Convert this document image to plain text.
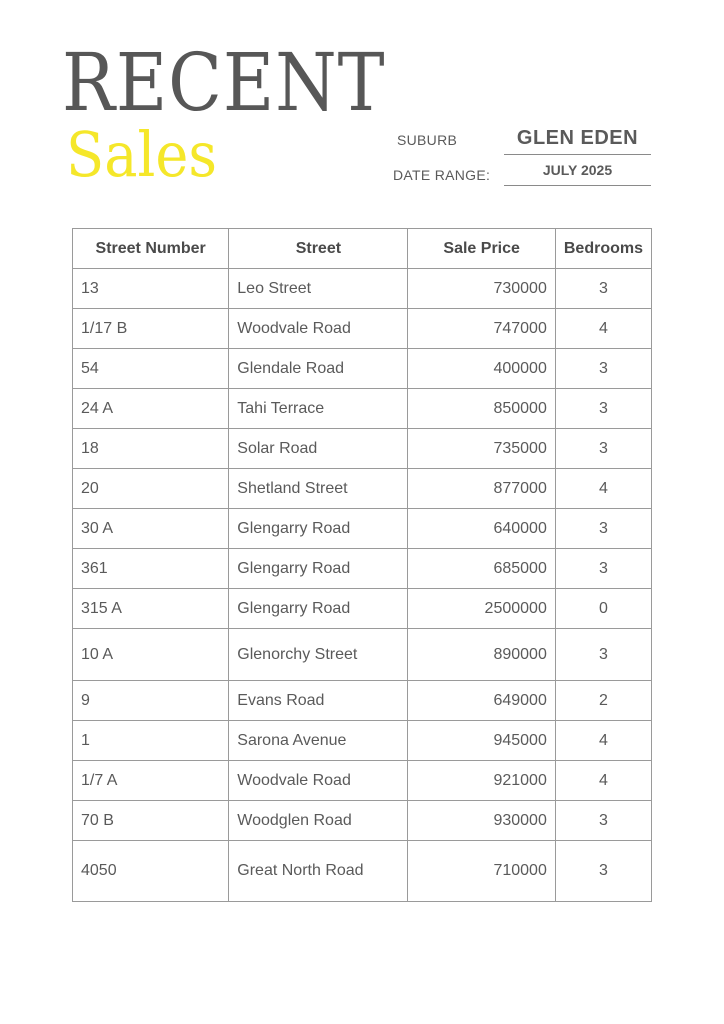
RECENT
Sales	SUBURB	GLEN EDEN
DATE RANGE:	JULY 2025
Street Number	Street	Sale Price	Bedrooms
13	Leo Street	730000	3
1/17 B	Woodvale Road	747000	4
54	Glendale Road	400000	3
24 A	Tahi Terrace	850000	3
18	Solar Road	735000	3
20	Shetland Street	877000	4
30 A	Glengarry Road	640000	3
361	Glengarry Road	685000	3
315 A	Glengarry Road	2500000	0
10 A	Glenorchy Street	890000	3
9	Evans Road	649000	2
1	Sarona Avenue	945000	4
1/7 A	Woodvale Road	921000	4
70 B	Woodglen Road	930000	3
4050	Great North Road	710000	3
